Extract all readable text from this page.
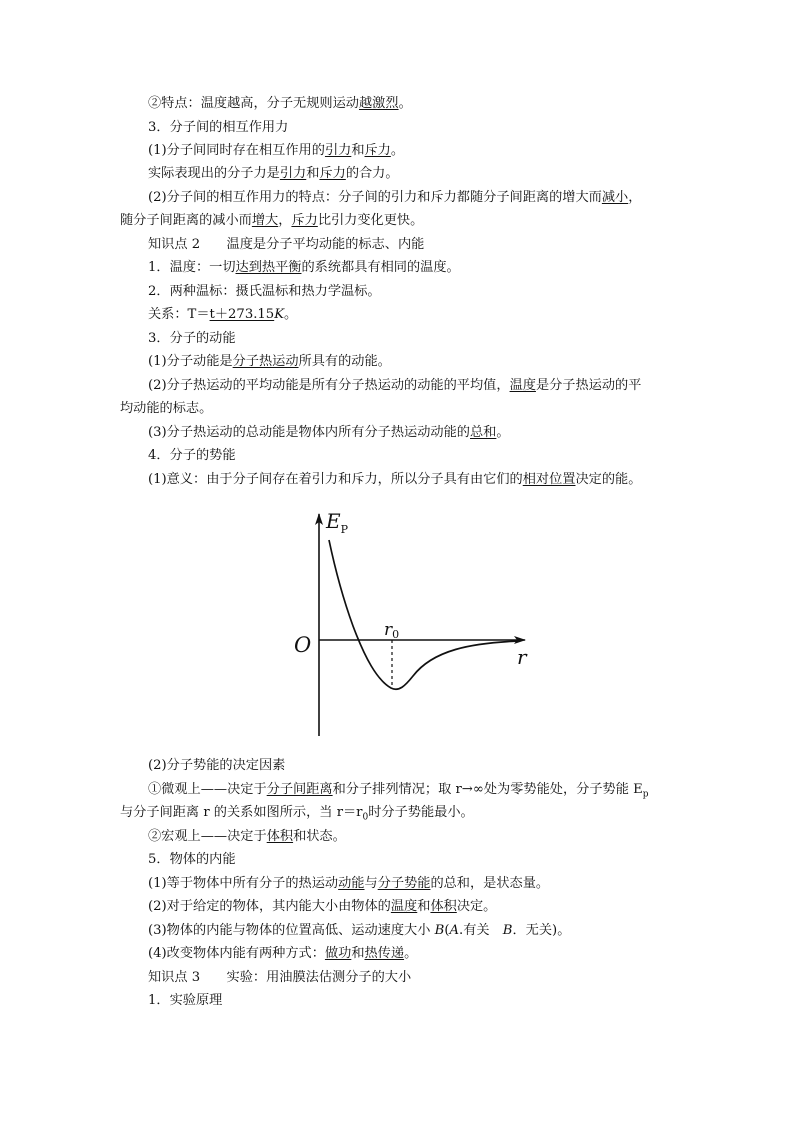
②特点：温度越高，分子无规则运动越激烈。
3．分子间的相互作用力
(1)分子间同时存在相互作用的引力和斥力。
实际表现出的分子力是引力和斥力的合力。
(2)分子间的相互作用力的特点：分子间的引力和斥力都随分子间距离的增大而减小，
随分子间距离的减小而增大，斥力比引力变化更快。
知识点 2　　温度是分子平均动能的标志、内能
1．温度：一切达到热平衡的系统都具有相同的温度。
2．两种温标：摄氏温标和热力学温标。
关系：T＝t＋273.15K。
3．分子的动能
(1)分子动能是分子热运动所具有的动能。
(2)分子热运动的平均动能是所有分子热运动的动能的平均值，温度是分子热运动的平
均动能的标志。
(3)分子热运动的总动能是物体内所有分子热运动动能的总和。
4．分子的势能
(1)意义：由于分子间存在着引力和斥力，所以分子具有由它们的相对位置决定的能。
$E_P$
O	r
r0
(2)分子势能的决定因素
①微观上——决定于分子间距离和分子排列情况；取 r→∞处为零势能处，分子势能 $E_p$
与分子间距离 r 的关系如图所示，当 $r=r_0$时分子势能最小。
②宏观上——决定于体积和状态。
5．物体的内能
(1)等于物体中所有分子的热运动动能与分子势能的总和，是状态量。
(2)对于给定的物体，其内能大小由物体的温度和体积决定。
(3)物体的内能与物体的位置高低、运动速度大小 B(A.有关　B．无关)。
(4)改变物体内能有两种方式：做功和热传递。
知识点 3　　实验：用油膜法估测分子的大小
1．实验原理
